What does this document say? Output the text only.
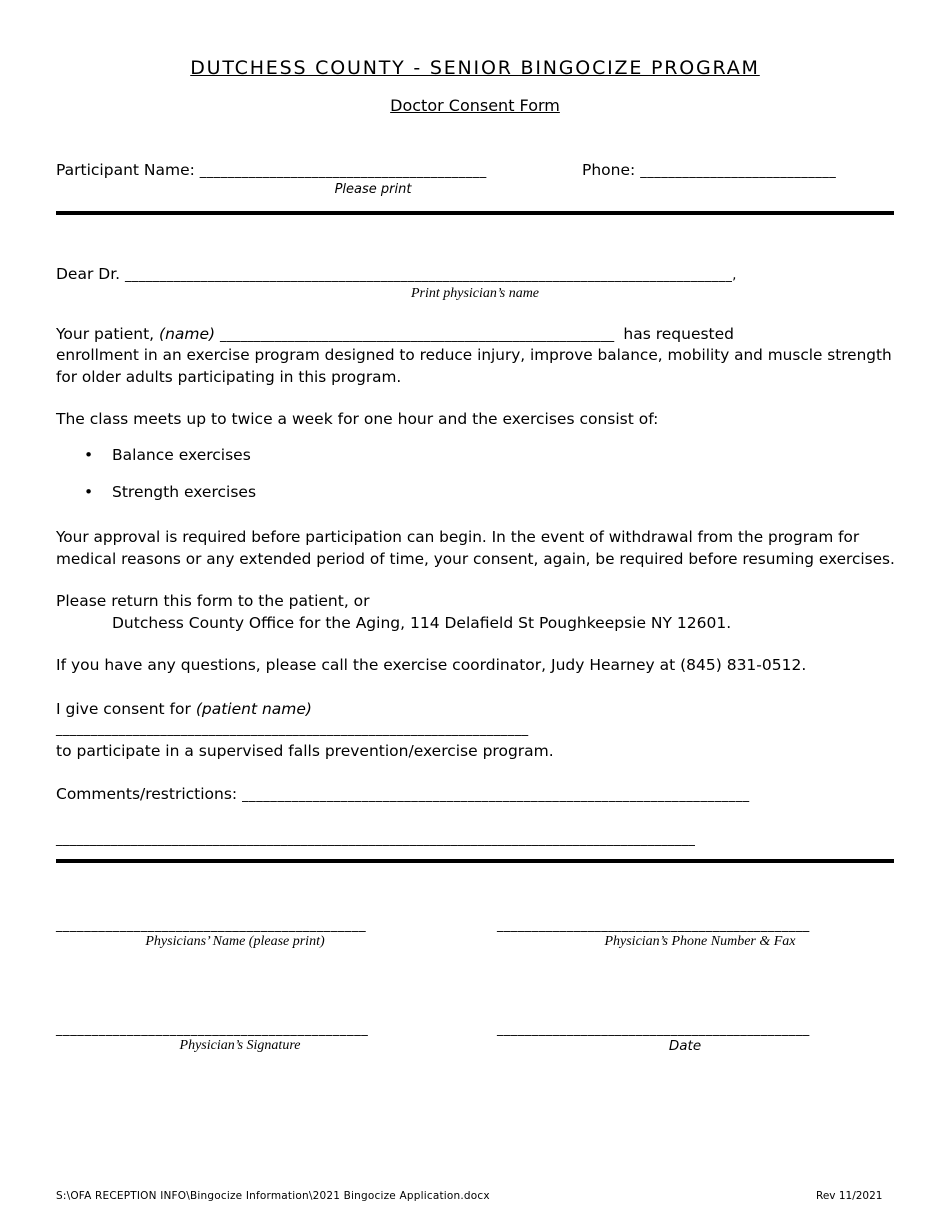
DUTCHESS COUNTY - SENIOR BINGOCIZE PROGRAM
Doctor Consent Form
Participant Name: _________________________________________
Please print
Phone: ____________________________
Dear Dr. ________________________________________________________________________________________,
Print physician’s name
Your patient, (name) __________________________________________________________ has requested
enrollment in an exercise program designed to reduce injury, improve balance, mobility and muscle strength for older adults participating in this program.
The class meets up to twice a week for one hour and the exercises consist of:
• Balance exercises
• Strength exercises
Your approval is required before participation can begin. In the event of withdrawal from the program for medical reasons or any extended period of time, your consent, again, be required before resuming exercises.
Please return this form to the patient, or
Dutchess County Office for the Aging, 114 Delafield St Poughkeepsie NY 12601.
If you have any questions, please call the exercise coordinator, Judy Hearney at (845) 831-0512.
I give consent for (patient name)
____________________________________________________________________
to participate in a supervised falls prevention/exercise program.
Comments/restrictions: ________________________________________________________________________
______________________________________________________________________________________________
____________________________________________
Physicians’ Name (please print)
_____________________________________________
Physician’s Phone Number & Fax
____________________________________________
Physician’s Signature
_____________________________________________
Date
S:\OFA RECEPTION INFO\Bingocize Information\2021 Bingocize Application.docx	Rev 11/2021
